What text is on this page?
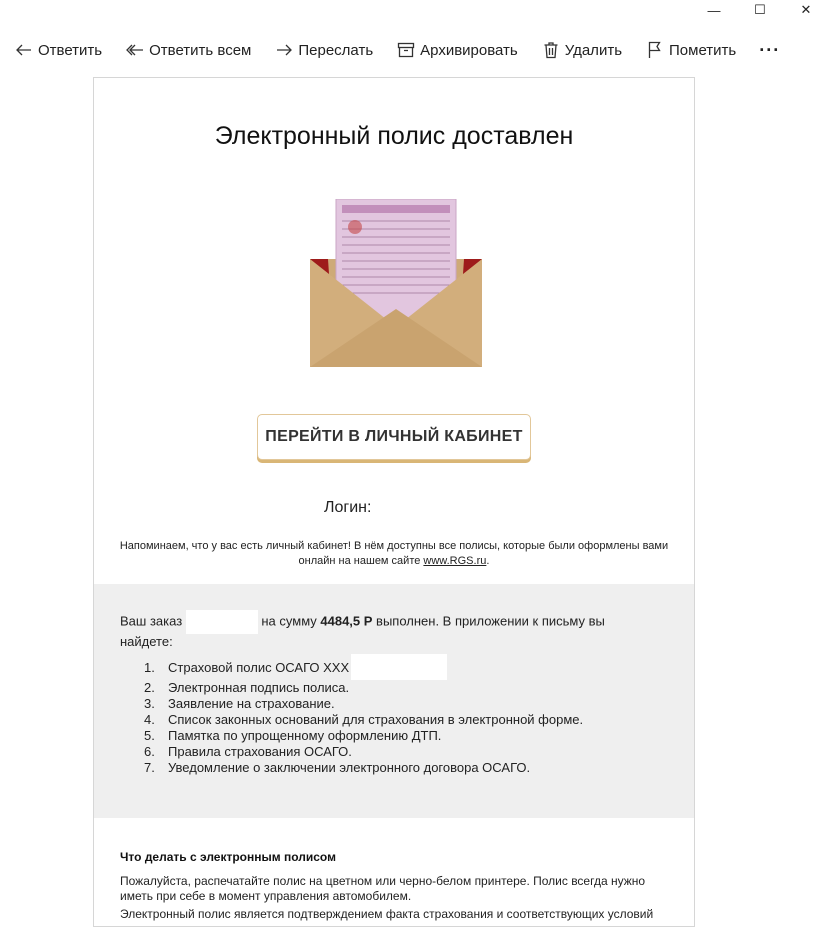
—	☐	✕
Ответить	Ответить всем	Переслать	Архивировать	Удалить	Пометить ···
Электронный полис доставлен
ПЕРЕЙТИ В ЛИЧНЫЙ КАБИНЕТ
Логин:
Напоминаем, что у вас есть личный кабинет! В нём доступны все полисы, которые были оформлены вами онлайн на нашем сайте www.RGS.ru.
Ваш заказ	на сумму 4484,5 Р выполнен. В приложении к письму вы найдете:
1.	Страховой полис ОСАГО XXX
2.	Электронная подпись полиса.
3.	Заявление на страхование.
4.	Список законных оснований для страхования в электронной форме.
5.	Памятка по упрощенному оформлению ДТП.
6.	Правила страхования ОСАГО.
7.	Уведомление о заключении электронного договора ОСАГО.
Что делать с электронным полисом
Пожалуйста, распечатайте полис на цветном или черно-белом принтере. Полис всегда нужно иметь при себе в момент управления автомобилем.
Электронный полис является подтверждением факта страхования и соответствующих условий
